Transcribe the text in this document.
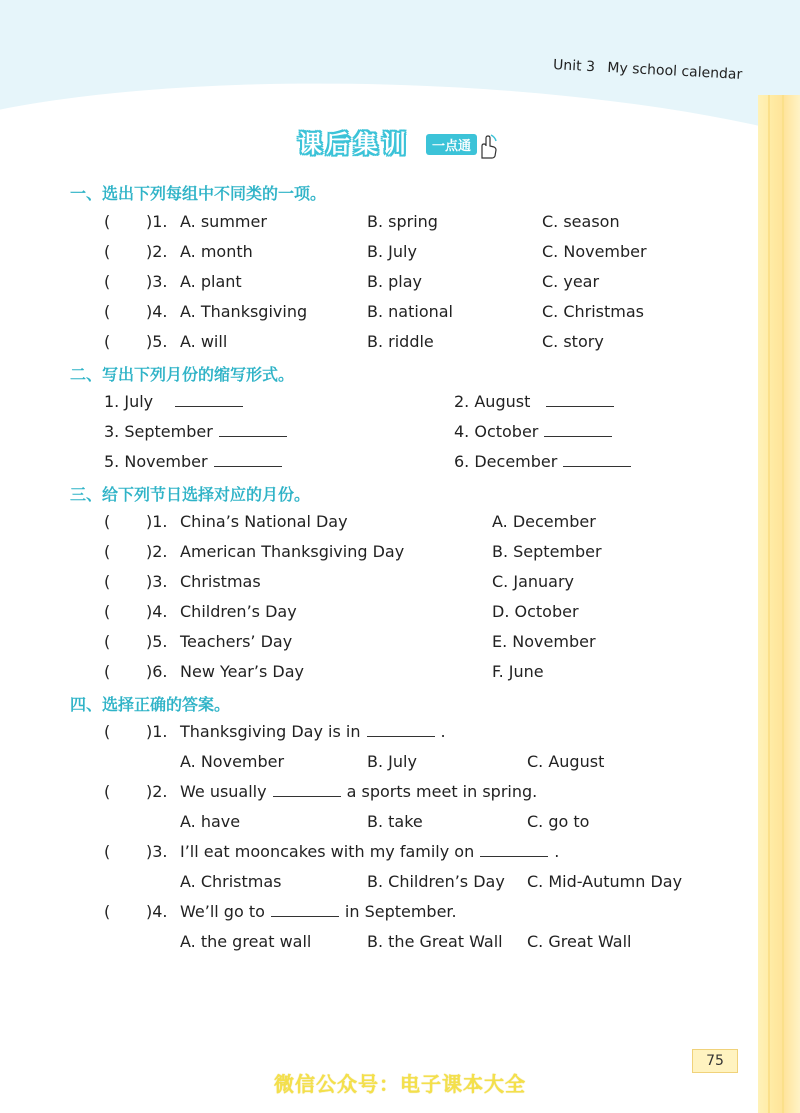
Unit 3 My school calendar
课后集训	一点通
一、选出下列每组中不同类的一项。
( )1. A. summer	B. spring	C. season
( )2. A. month	B. July	C. November
( )3. A. plant	B. play	C. year
( )4. A. Thanksgiving	B. national	C. Christmas
( )5. A. will	B. riddle	C. story
二、写出下列月份的缩写形式。
1. July	2. August
3. September	4. October
5. November	6. December
三、给下列节日选择对应的月份。
( )1. China’s National Day	A. December
( )2. American Thanksgiving Day	B. September
( )3. Christmas	C. January
( )4. Children’s Day	D. October
( )5. Teachers’ Day	E. November
( )6. New Year’s Day	F. June
四、选择正确的答案。
( )1. Thanksgiving Day is in	.
A. November	B. July	C. August
( )2. We usually	a sports meet in spring.
A. have	B. take	C. go to
( )3. I’ll eat mooncakes with my family on	.
A. Christmas	B. Children’s Day C. Mid-Autumn Day
( )4. We’ll go to	in September.
A. the great wall	B. the Great Wall C. Great Wall
75
微信公众号：电子课本大全
